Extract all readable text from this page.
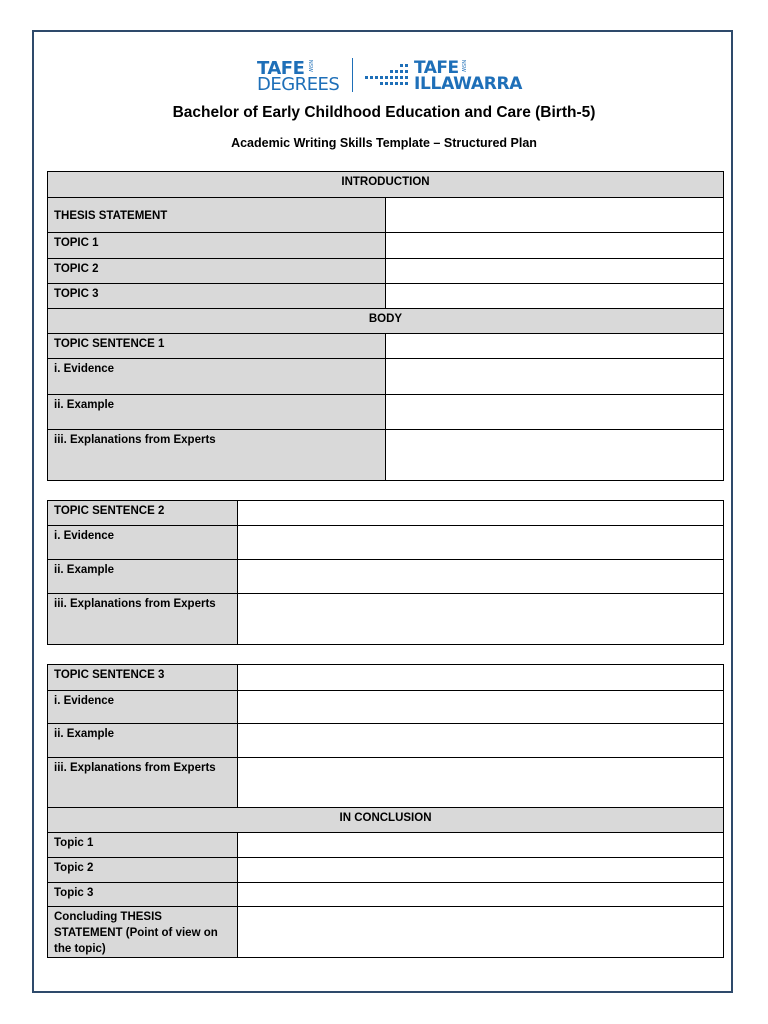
TAFE NSW
DEGREES
TAFE NSW
ILLAWARRA
Bachelor of Early Childhood Education and Care (Birth-5)
Academic Writing Skills Template – Structured Plan
INTRODUCTION	
THESIS STATEMENT	
TOPIC 1	
TOPIC 2	
TOPIC 3	
BODY	
TOPIC SENTENCE 1	
i. Evidence	
ii. Example	
iii. Explanations from Experts	
TOPIC SENTENCE 2	
i. Evidence	
ii. Example	
iii. Explanations from Experts	
TOPIC SENTENCE 3	
i. Evidence	
ii. Example	
iii. Explanations from Experts	
IN CONCLUSION	
Topic 1	
Topic 2	
Topic 3	
Concluding THESIS STATEMENT (Point of view on the topic)	
